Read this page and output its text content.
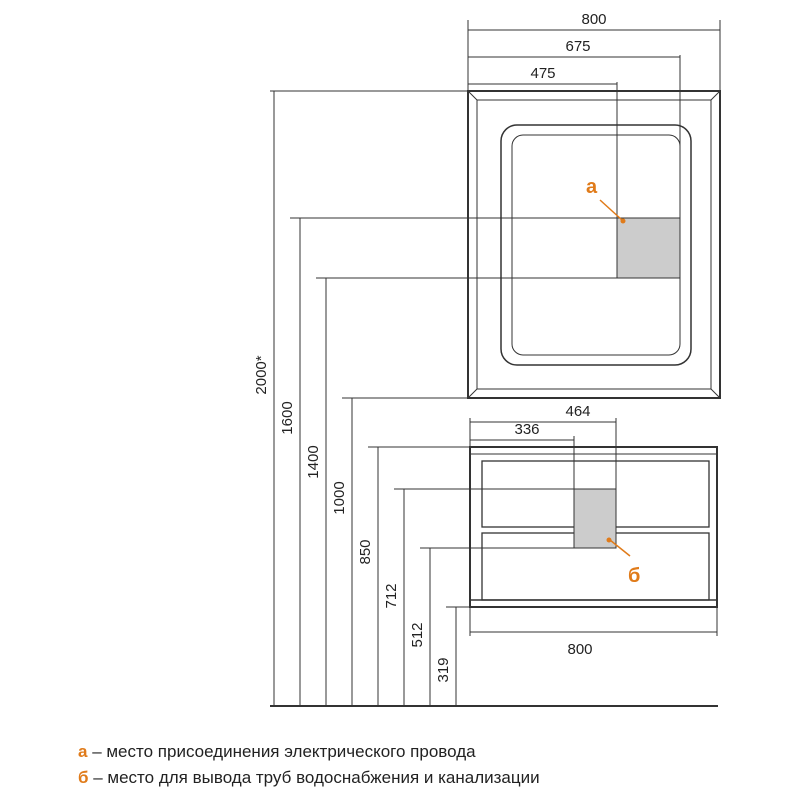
800
675
475
а
464
336
800
б
2000*
1600
1400
1000
850
712
512
319
а – место присоединения электрического провода
б – место для вывода труб водоснабжения и канализации
